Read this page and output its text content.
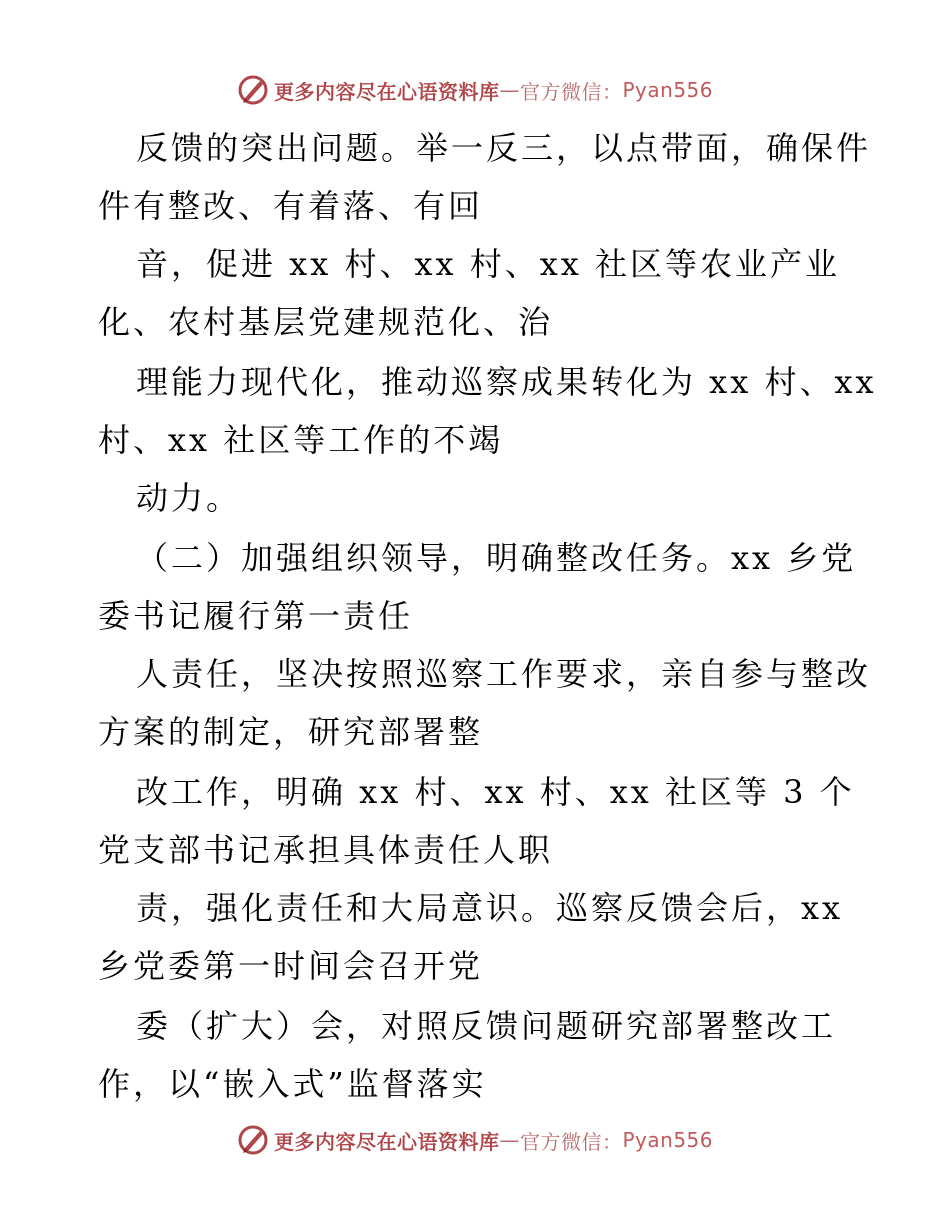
更多内容尽在心语资料库 — 官方微信： Pyan556
反馈的突出问题。举一反三，以点带面，确保件
件有整改、有着落、有回
音，促进 xx 村、xx 村、xx 社区等农业产业
化、农村基层党建规范化、治
理能力现代化，推动巡察成果转化为 xx 村、xx
村、xx 社区等工作的不竭
动力。
（二）加强组织领导，明确整改任务。xx 乡党
委书记履行第一责任
人责任，坚决按照巡察工作要求，亲自参与整改
方案的制定，研究部署整
改工作，明确 xx 村、xx 村、xx 社区等 3 个
党支部书记承担具体责任人职
责，强化责任和大局意识。巡察反馈会后，xx
乡党委第一时间会召开党
委（扩大）会，对照反馈问题研究部署整改工
作，以“嵌入式”监督落实
更多内容尽在心语资料库 — 官方微信： Pyan556
